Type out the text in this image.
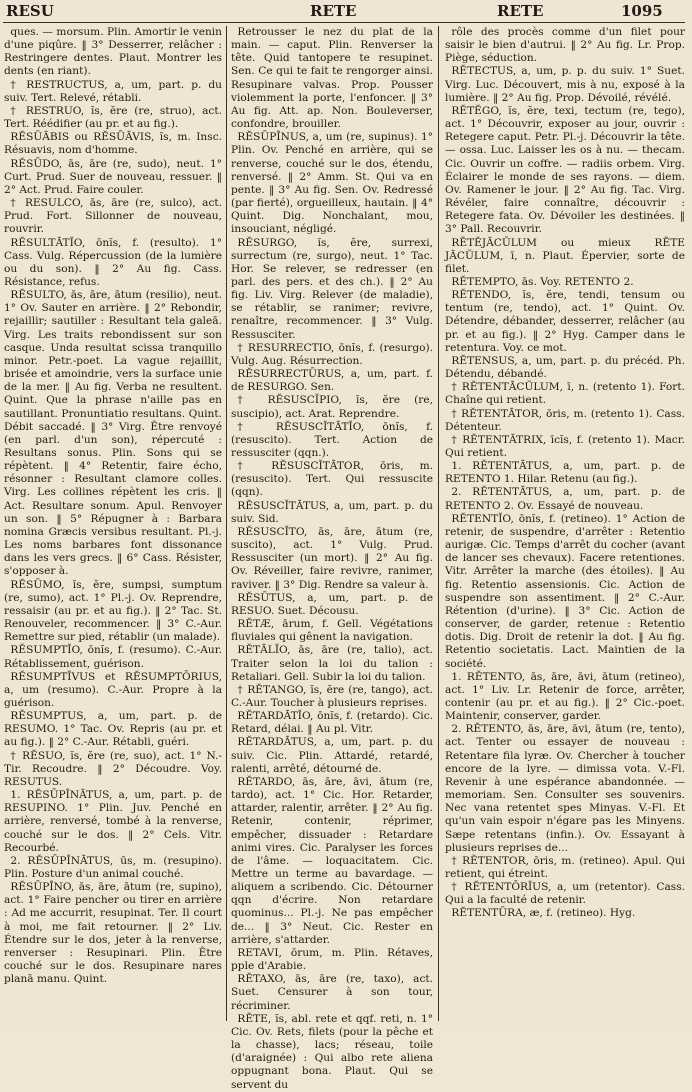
RESU	RETE	RETE	1095

ques. — morsum. Plin. Amortir le venin d'une piqûre. ‖ 3° Desserrer, relâcher : Restringere dentes. Plaut. Montrer les dents (en riant).

† RESTRUCTUS, a, um, part. p. du suiv. Tert. Relevé, rétabli.

† RESTRUO, ĭs, ĕre (re, struo), act. Tert. Réédifier (au pr. et au fig.).

RĔSŪĀBIS ou RĔSŪĀVIS, ĭs, m. Insc. Résuavis, nom d'homme.

RĔSŪDO, ās, āre (re, sudo), neut. 1° Curt. Prud. Suer de nouveau, ressuer. ‖ 2° Act. Prud. Faire couler.

† RESULCO, ās, āre (re, sulco), act. Prud. Fort. Sillonner de nouveau, rouvrir.

RĔSULTĀTĬO, ōnĭs, f. (resulto). 1° Cass. Vulg. Répercussion (de la lumière ou du son). ‖ 2° Au fig. Cass. Résistance, refus.

RĔSULTO, ās, āre, ātum (resilio), neut. 1° Ov. Sauter en arrière. ‖ 2° Rebondir, rejaillir; sautiller : Resultant tela galeā. Virg. Les traits rebondissent sur son casque. Unda resultat scissa tranquillo minor. Petr.-poet. La vague rejaillit, brisée et amoindrie, vers la surface unie de la mer. ‖ Au fig. Verba ne resultent. Quint. Que la phrase n'aille pas en sautillant. Pronuntiatio resultans. Quint. Débit saccadé. ‖ 3° Virg. Être renvoyé (en parl. d'un son), répercuté : Resultans sonus. Plin. Sons qui se répètent. ‖ 4° Retentir, faire écho, résonner : Resultant clamore colles. Virg. Les collines répètent les cris. ‖ Act. Resultare sonum. Apul. Renvoyer un son. ‖ 5° Répugner à : Barbara nomina Græcis versibus resultant. Pl.-j. Les noms barbares font dissonance dans les vers grecs. ‖ 6° Cass. Résister, s'opposer à.

RĔSŪMO, ĭs, ĕre, sumpsi, sumptum (re, sumo), act. 1° Pl.-j. Ov. Reprendre, ressaisir (au pr. et au fig.). ‖ 2° Tac. St. Renouveler, recommencer. ‖ 3° C.-Aur. Remettre sur pied, rétablir (un malade).

RĔSUMPTĬO, ōnĭs, f. (resumo). C.-Aur. Rétablissement, guérison.

RĔSUMPTĪVUS et RĔSUMPTŌRIUS, a, um (resumo). C.-Aur. Propre à la guérison.

RĔSUMPTUS, a, um, part. p. de RESUMO. 1° Tac. Ov. Repris (au pr. et au fig.). ‖ 2° C.-Aur. Rétabli, guéri.

† RĔSUO, ĭs, ĕre (re, suo), act. 1° N.-Tir. Recoudre. ‖ 2° Découdre. Voy. RESUTUS.

1. RĔSŪPĪNĀTUS, a, um, part. p. de RESUPINO. 1° Plin. Juv. Penché en arrière, renversé, tombé à la renverse, couché sur le dos. ‖ 2° Cels. Vitr. Recourbé.

2. RĔSŪPĪNĀTUS, ūs, m. (resupino). Plin. Posture d'un animal couché.

RĔSŪPĪNO, ās, āre, ātum (re, supino), act. 1° Faire pencher ou tirer en arrière : Ad me accurrit, resupinat. Ter. Il court à moi, me fait retourner. ‖ 2° Liv. Étendre sur le dos, jeter à la renverse, renverser : Resupinari. Plin. Être couché sur le dos. Resupinare nares planā manu. Quint.

Retrousser le nez du plat de la main. — caput. Plin. Renverser la tête. Quid tantopere te resupinet. Sen. Ce qui te fait te rengorger ainsi. Resupinare valvas. Prop. Pousser violemment la porte, l'enfoncer. ‖ 3° Au fig. Att. ap. Non. Bouleverser, confondre, brouiller.

RĔSŪPĪNUS, a, um (re, supinus). 1° Plin. Ov. Penché en arrière, qui se renverse, couché sur le dos, étendu, renversé. ‖ 2° Amm. St. Qui va en pente. ‖ 3° Au fig. Sen. Ov. Redressé (par fierté), orgueilleux, hautain. ‖ 4° Quint. Dig. Nonchalant, mou, insouciant, négligé.

RĔSURGO, ĭs, ĕre, surrexi, surrectum (re, surgo), neut. 1° Tac. Hor. Se relever, se redresser (en parl. des pers. et des ch.). ‖ 2° Au fig. Liv. Virg. Relever (de maladie), se rétablir, se ranimer; revivre, renaître, recommencer. ‖ 3° Vulg. Ressusciter.

† RESURRECTIO, ōnĭs, f. (resurgo). Vulg. Aug. Résurrection.

RĔSURRECTŪRUS, a, um, part. f. de RESURGO. Sen.

† RĔSUSCĬPIO, ĭs, ĕre (re, suscipio), act. Arat. Reprendre.

† RĔSUSCĬTĀTĬO, ōnĭs, f. (resuscito). Tert. Action de ressusciter (qqn.).

† RĔSUSCĬTĀTOR, ōris, m. (resuscito). Tert. Qui ressuscite (qqn).

RĔSUSCĬTĀTUS, a, um, part. p. du suiv. Sid.

RĔSUSCĬTO, ās, āre, ātum (re, suscito), act. 1° Vulg. Prud. Ressusciter (un mort). ‖ 2° Au fig. Ov. Réveiller, faire revivre, ranimer, raviver. ‖ 3° Dig. Rendre sa valeur à.

RĔSŪTUS, a, um, part. p. de RESUO. Suet. Décousu.

RĔTÆ, ārum, f. Gell. Végétations fluviales qui gênent la navigation.

RĔTĀLĬO, ās, āre (re, talio), act. Traiter selon la loi du talion : Retaliari. Gell. Subir la loi du talion.

† RĔTANGO, ĭs, ĕre (re, tango), act. C.-Aur. Toucher à plusieurs reprises.

RĔTARDĀTĬO, ōnĭs, f. (retardo). Cic. Retard, délai. ‖ Au pl. Vitr.

RĔTARDĀTUS, a, um, part. p. du suiv. Cic. Plin. Attardé, retardé, ralenti, arrêté, détourné de.

RĔTARDO, ās, āre, āvi, ātum (re, tardo), act. 1° Cic. Hor. Retarder, attarder, ralentir, arrêter. ‖ 2° Au fig. Retenir, contenir, réprimer, empêcher, dissuader : Retardare animi vires. Cic. Paralyser les forces de l'âme. — loquacitatem. Cic. Mettre un terme au bavardage. — aliquem a scribendo. Cic. Détourner qqn d'écrire. Non retardare quominus... Pl.-j. Ne pas empêcher de... ‖ 3° Neut. Cic. Rester en arrière, s'attarder.

RETAVI, ōrum, m. Plin. Rétaves, pple d'Arabie.

RĔTAXO, ās, āre (re, taxo), act. Suet. Censurer à son tour, récriminer.

RĒTE, ĭs, abl. rete et qqf. reti, n. 1° Cic. Ov. Rets, filets (pour la pêche et la chasse), lacs; réseau, toile (d'araignée) : Qui albo rete aliena oppugnant bona. Plaut. Qui se servent du

rôle des procès comme d'un filet pour saisir le bien d'autrui. ‖ 2° Au fig. Lr. Prop. Piège, séduction.

RĔTECTUS, a, um, p. p. du suiv. 1° Suet. Virg. Luc. Découvert, mis à nu, exposé à la lumière. ‖ 2° Au fig. Prop. Dévoilé, révélé.

RĔTĔGO, ĭs, ĕre, texi, tectum (re, tego), act. 1° Découvrir, exposer au jour, ouvrir : Retegere caput. Petr. Pl.-j. Découvrir la tête. — ossa. Luc. Laisser les os à nu. — thecam. Cic. Ouvrir un coffre. — radiis orbem. Virg. Éclairer le monde de ses rayons. — diem. Ov. Ramener le jour. ‖ 2° Au fig. Tac. Virg. Révéler, faire connaître, découvrir : Retegere fata. Ov. Dévoiler les destinées. ‖ 3° Pall. Recouvrir.

RĒTĔJĀCŬLUM ou mieux RĒTE JĀCŬLUM, ī, n. Plaut. Épervier, sorte de filet.

RĔTEMPTO, ās. Voy. RETENTO 2.

RĔTENDO, ĭs, ĕre, tendi, tensum ou tentum (re, tendo), act. 1° Quint. Ov. Détendre, débander, desserrer, relâcher (au pr. et au fig.). ‖ 2° Hyg. Camper dans le retentura. Voy. ce mot.

RĔTENSUS, a, um, part. p. du précéd. Ph. Détendu, débandé.

† RĔTENTĀCŬLUM, ī, n. (retento 1). Fort. Chaîne qui retient.

† RĔTENTĀTOR, ōris, m. (retento 1). Cass. Détenteur.

† RĔTENTĀTRIX, īcĭs, f. (retento 1). Macr. Qui retient.

1. RĔTENTĀTUS, a, um, part. p. de RETENTO 1. Hilar. Retenu (au fig.).

2. RĔTENTĀTUS, a, um, part. p. de RETENTO 2. Ov. Essayé de nouveau.

RĔTENTĬO, ōnĭs, f. (retineo). 1° Action de retenir, de suspendre, d'arrêter : Retentio aurigæ. Cic. Temps d'arrêt du cocher (avant de lancer ses chevaux). Facere retentiones. Vitr. Arrêter la marche (des étoiles). ‖ Au fig. Retentio assensionis. Cic. Action de suspendre son assentiment. ‖ 2° C.-Aur. Rétention (d'urine). ‖ 3° Cic. Action de conserver, de garder, retenue : Retentio dotis. Dig. Droit de retenir la dot. ‖ Au fig. Retentio societatis. Lact. Maintien de la société.

1. RĔTENTO, ās, āre, āvi, ātum (retineo), act. 1° Liv. Lr. Retenir de force, arrêter, contenir (au pr. et au fig.). ‖ 2° Cic.-poet. Maintenir, conserver, garder.

2. RĔTENTO, ās, āre, āvi, ātum (re, tento), act. Tenter ou essayer de nouveau : Retentare fila lyræ. Ov. Chercher à toucher encore de la lyre. — dimissa vota. V.-Fl. Revenir à une espérance abandonnée. — memoriam. Sen. Consulter ses souvenirs. Nec vana retentet spes Minyas. V.-Fl. Et qu'un vain espoir n'égare pas les Minyens. Sæpe retentans (infin.). Ov. Essayant à plusieurs reprises de...

† RĔTENTOR, ōris, m. (retineo). Apul. Qui retient, qui étreint.

† RĔTENTŌRĬUS, a, um (retentor). Cass. Qui a la faculté de retenir.

RĔTENTŪRA, æ, f. (retineo). Hyg.
